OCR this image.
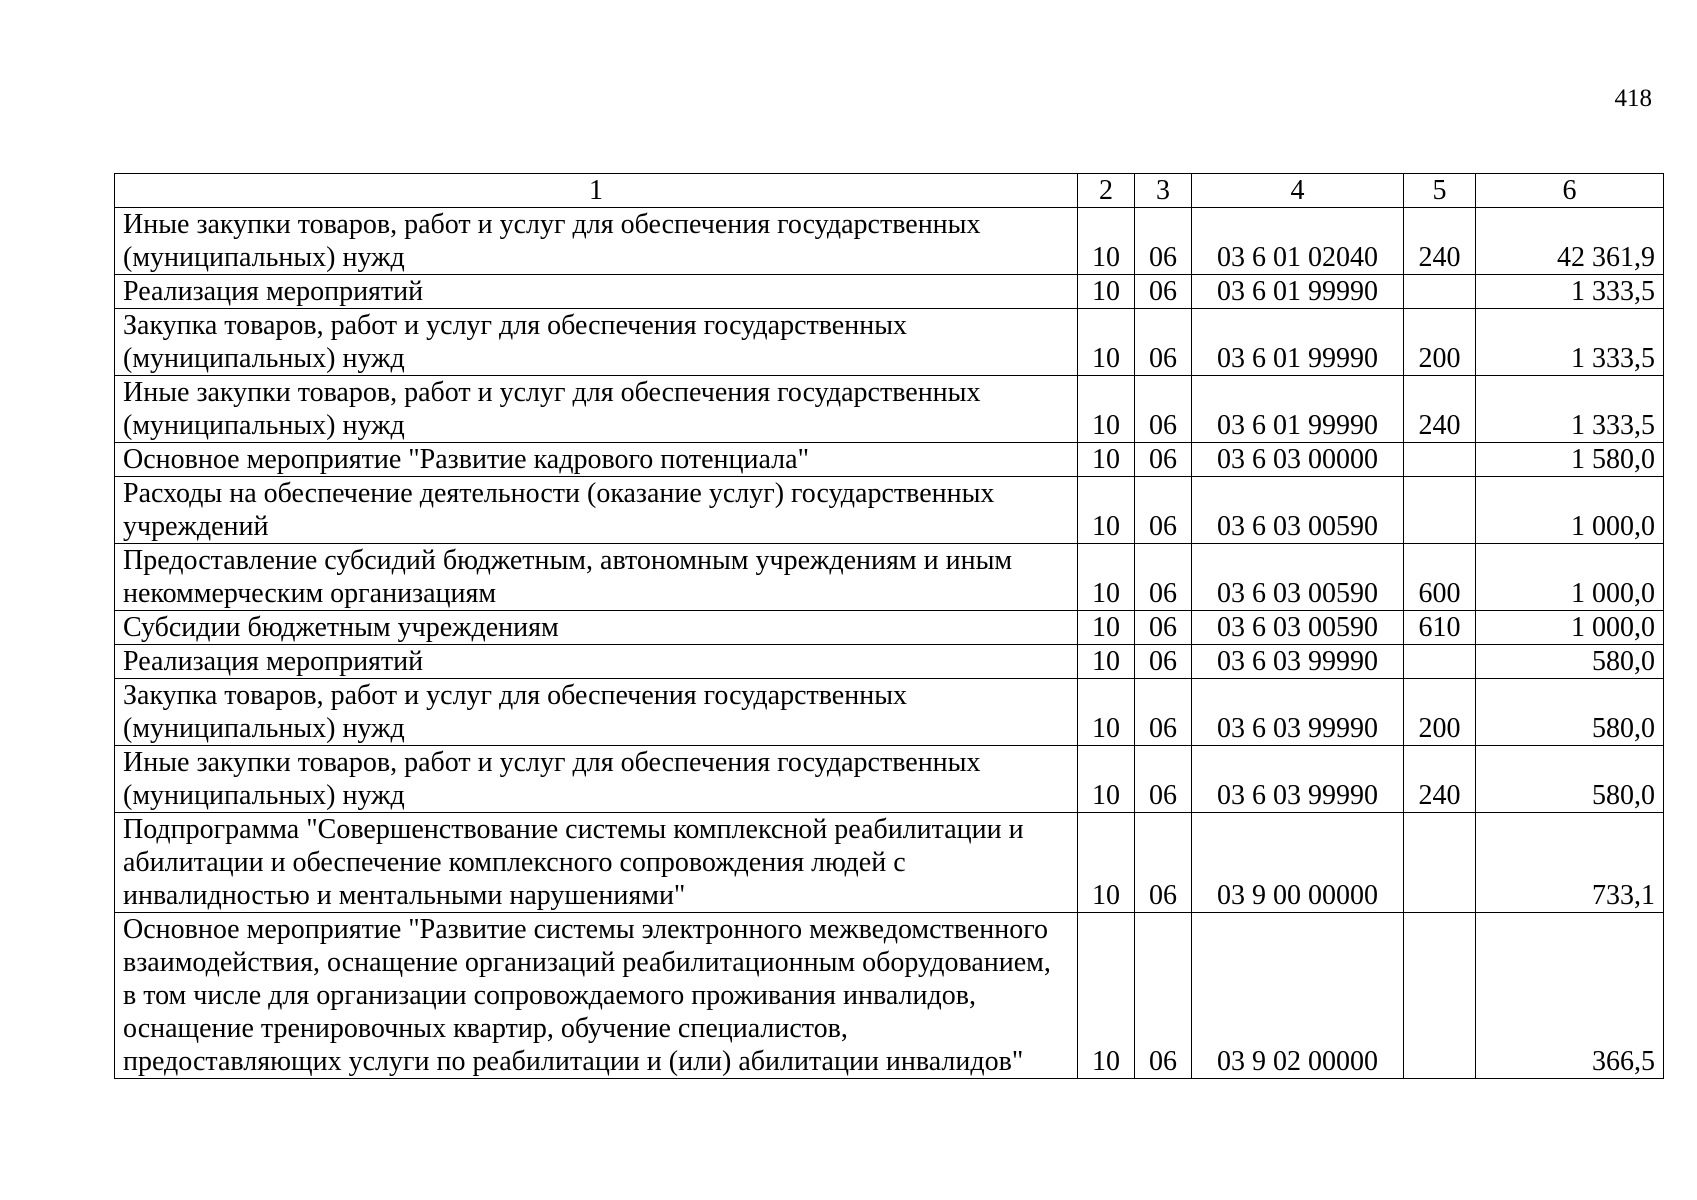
418
1	2	3	4	5	6
Иные закупки товаров, работ и услуг для обеспечения государственных (муниципальных) нужд	10	06	03 6 01 02040	240	42 361,9
Реализация мероприятий	10	06	03 6 01 99990		1 333,5
Закупка товаров, работ и услуг для обеспечения государственных (муниципальных) нужд	10	06	03 6 01 99990	200	1 333,5
Иные закупки товаров, работ и услуг для обеспечения государственных (муниципальных) нужд	10	06	03 6 01 99990	240	1 333,5
Основное мероприятие "Развитие кадрового потенциала"	10	06	03 6 03 00000		1 580,0
Расходы на обеспечение деятельности (оказание услуг) государственных учреждений	10	06	03 6 03 00590		1 000,0
Предоставление субсидий бюджетным, автономным учреждениям и иным некоммерческим организациям	10	06	03 6 03 00590	600	1 000,0
Субсидии бюджетным учреждениям	10	06	03 6 03 00590	610	1 000,0
Реализация мероприятий	10	06	03 6 03 99990		580,0
Закупка товаров, работ и услуг для обеспечения государственных (муниципальных) нужд	10	06	03 6 03 99990	200	580,0
Иные закупки товаров, работ и услуг для обеспечения государственных (муниципальных) нужд	10	06	03 6 03 99990	240	580,0
Подпрограмма "Совершенствование системы комплексной реабилитации и абилитации и обеспечение комплексного сопровождения людей с инвалидностью и ментальными нарушениями"	10	06	03 9 00 00000		733,1
Основное мероприятие "Развитие системы электронного межведомственного взаимодействия, оснащение организаций реабилитационным оборудованием, в том числе для организации сопровождаемого проживания инвалидов, оснащение тренировочных квартир, обучение специалистов, предоставляющих услуги по реабилитации и (или) абилитации инвалидов"	10	06	03 9 02 00000		366,5
